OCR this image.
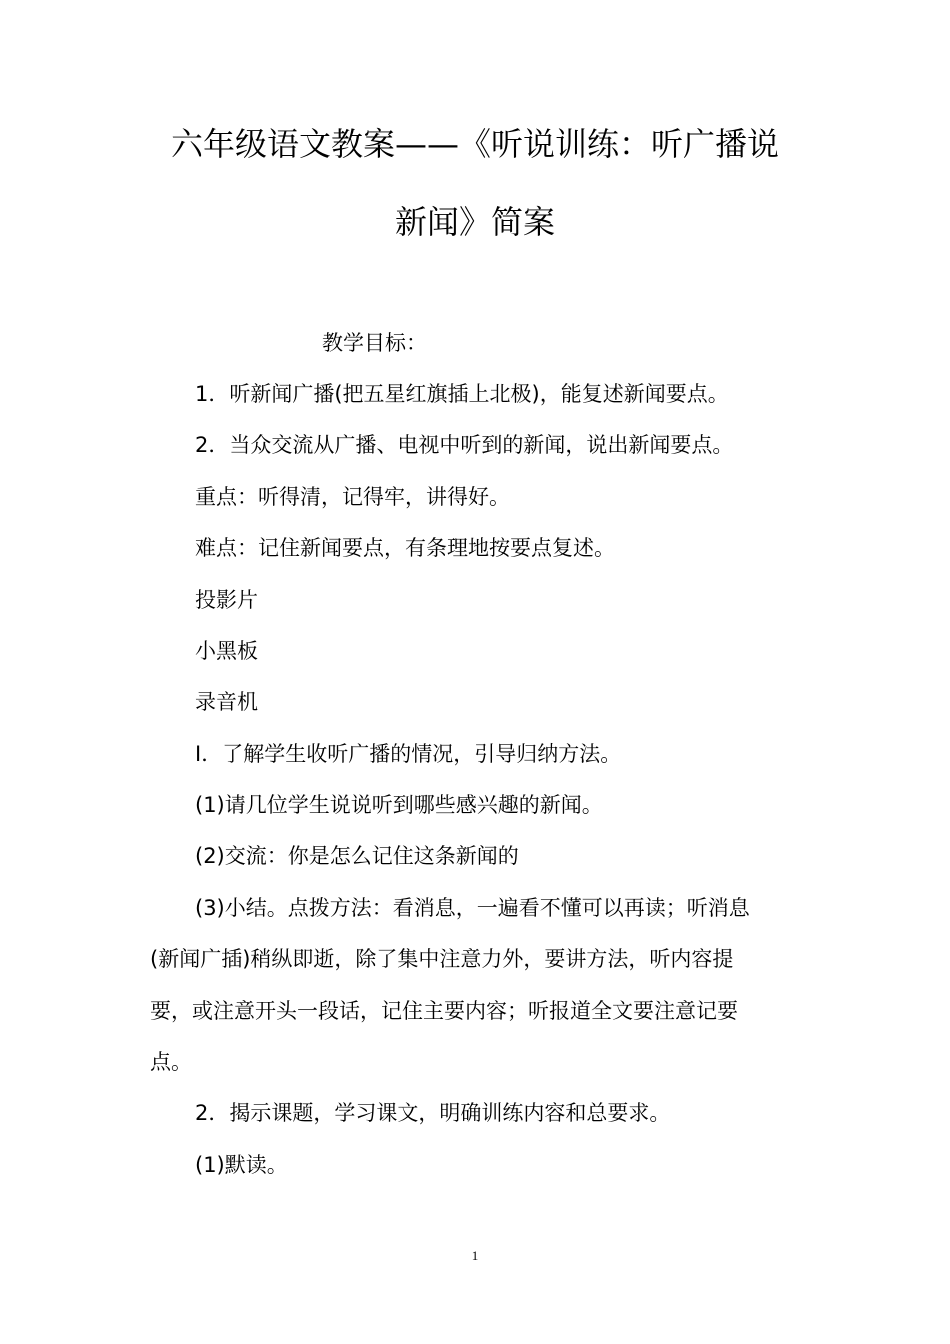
六年级语文教案——《听说训练：听广播说
新闻》简案

教学目标：

1．听新闻广播(把五星红旗插上北极)，能复述新闻要点。

2．当众交流从广播、电视中听到的新闻，说出新闻要点。

重点：听得清，记得牢，讲得好。

难点：记住新闻要点，有条理地按要点复述。

投影片

小黑板

录音机

I．了解学生收听广播的情况，引导归纳方法。

(1)请几位学生说说听到哪些感兴趣的新闻。

(2)交流：你是怎么记住这条新闻的

(3)小结。点拨方法：看消息，一遍看不懂可以再读；听消息

(新闻广插)稍纵即逝，除了集中注意力外，要讲方法，听内容提

要，或注意开头一段话，记住主要内容；听报道全文要注意记要

点。

2．揭示课题，学习课文，明确训练内容和总要求。

(1)默读。

1
